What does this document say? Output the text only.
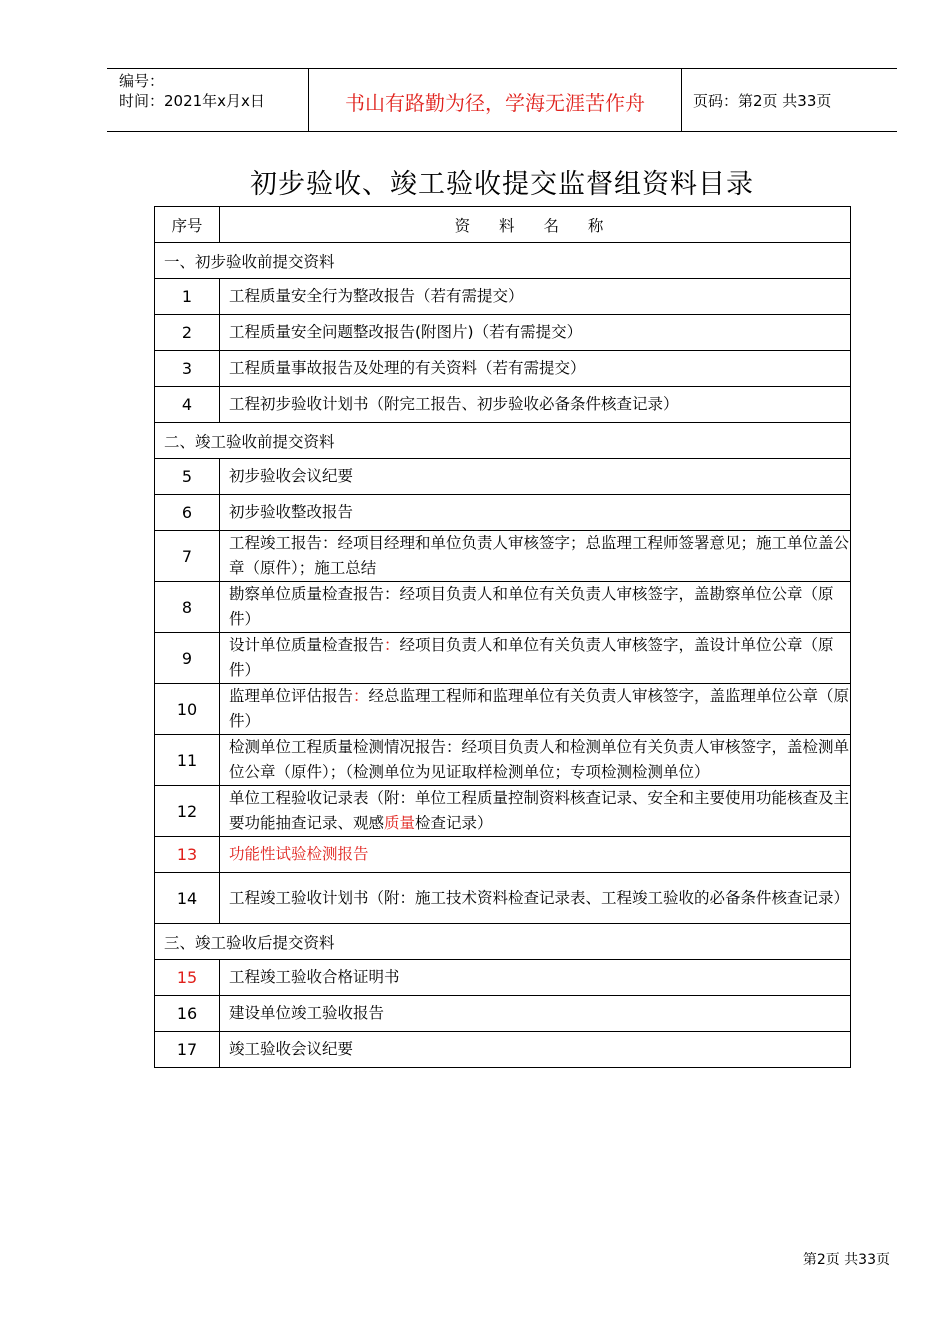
编号：
时间：2021年x月x日	书山有路勤为径，学海无涯苦作舟	页码：第2页 共33页
初步验收、竣工验收提交监督组资料目录
序号	资 料 名 称
一、初步验收前提交资料	
1	工程质量安全行为整改报告（若有需提交）
2	工程质量安全问题整改报告(附图片)（若有需提交）
3	工程质量事故报告及处理的有关资料（若有需提交）
4	工程初步验收计划书（附完工报告、初步验收必备条件核查记录）
二、竣工验收前提交资料	
5	初步验收会议纪要
6	初步验收整改报告
7	工程竣工报告：经项目经理和单位负责人审核签字；总监理工程师签署意见；施工单位盖公章（原件）；施工总结
8	勘察单位质量检查报告：经项目负责人和单位有关负责人审核签字，盖勘察单位公章（原件）
9	设计单位质量检查报告：经项目负责人和单位有关负责人审核签字，盖设计单位公章（原件）
10	监理单位评估报告：经总监理工程师和监理单位有关负责人审核签字，盖监理单位公章（原件）
11	检测单位工程质量检测情况报告：经项目负责人和检测单位有关负责人审核签字，盖检测单位公章（原件）；（检测单位为见证取样检测单位；专项检测检测单位）
12	单位工程验收记录表（附：单位工程质量控制资料核查记录、安全和主要使用功能核查及主要功能抽查记录、观感质量检查记录）
13	功能性试验检测报告
14	工程竣工验收计划书（附：施工技术资料检查记录表、工程竣工验收的必备条件核查记录）
三、竣工验收后提交资料	
15	工程竣工验收合格证明书
16	建设单位竣工验收报告
17	竣工验收会议纪要
第2页 共33页
